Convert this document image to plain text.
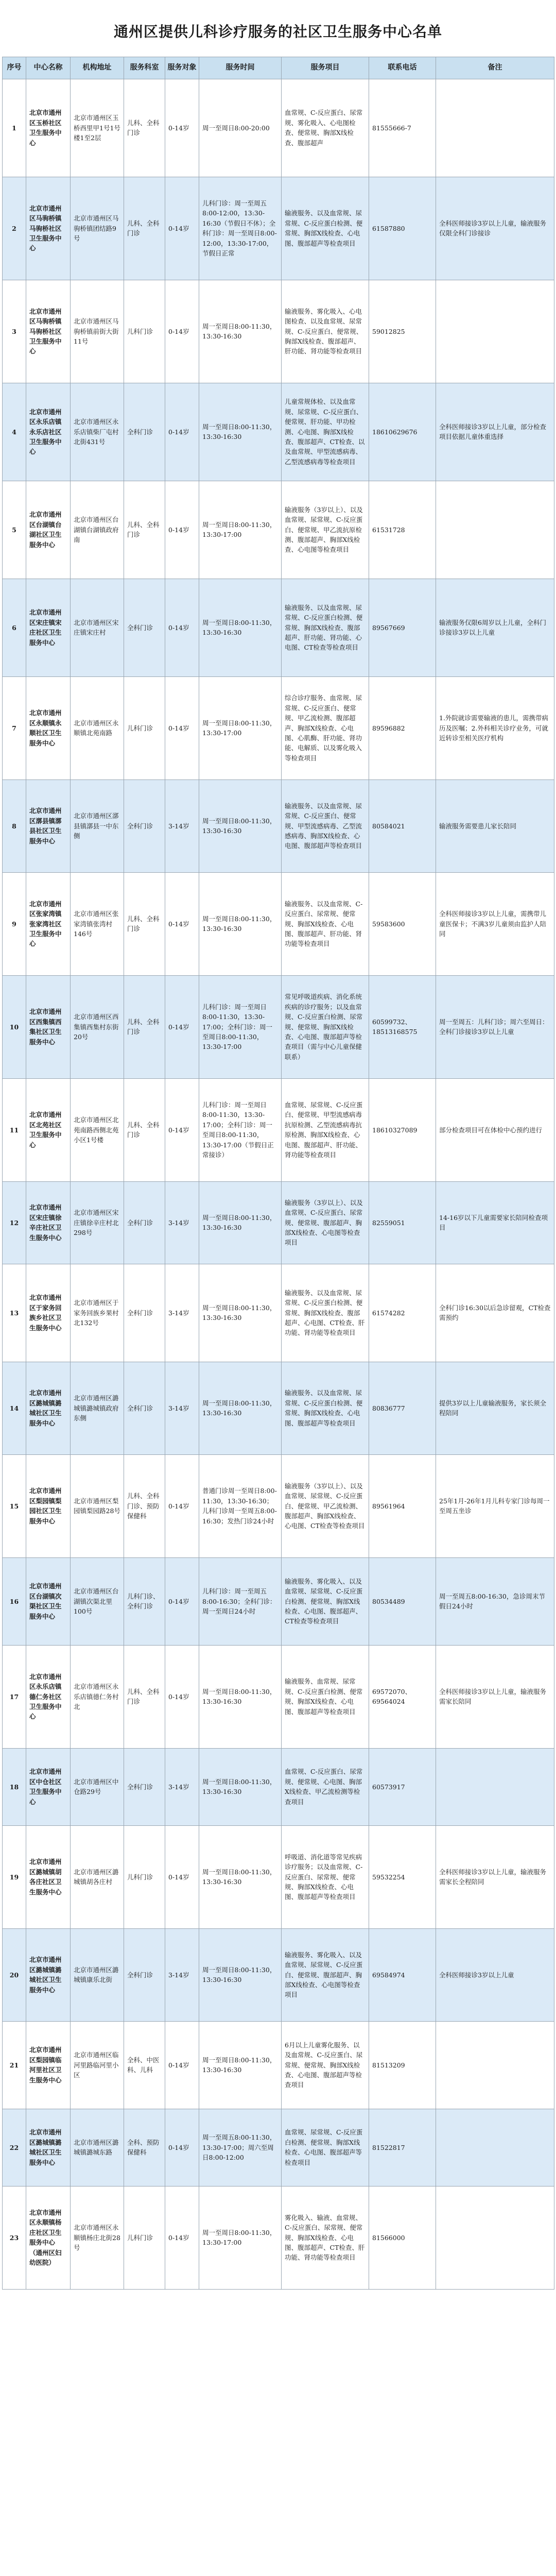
通州区提供儿科诊疗服务的社区卫生服务中心名单
序号	中心名称	机构地址	服务科室	服务对象	服务时间	服务项目	联系电话	备注
1	北京市通州区玉桥社区卫生服务中心	北京市通州区玉桥西里甲1号1号楼1至2层	儿科、全科门诊	0-14岁	周一至周日8:00-20:00	血常规、C-反应蛋白、尿常规、雾化吸入、心电图检查、便常规、胸部X线检查、腹部超声	81555666-7	
2	北京市通州区马驹桥镇马驹桥社区卫生服务中心	北京市通州区马驹桥镇团结路9号	儿科、全科门诊	0-14岁	儿科门诊：周一至周五8:00-12:00，13:30-16:30（节假日不休）；全科门诊：周一至周日8:00-12:00，13:30-17:00，节假日正常	输液服务、以及血常规、尿常规、C-反应蛋白检测、便常规、胸部X线检查、心电图、腹部超声等检查项目	61587880	全科医师接诊3岁以上儿童，输液服务仅限全科门诊接诊
3	北京市通州区马驹桥镇马驹桥社区卫生服务中心	北京市通州区马驹桥镇前街大街11号	儿科门诊	0-14岁	周一至周日8:00-11:30，13:30-16:30	输液服务、雾化吸入、心电图检查、以及血常规、尿常规、C-反应蛋白、便常规、胸部X线检查、腹部超声、肝功能、肾功能等检查项目	59012825	
4	北京市通州区永乐店镇永乐店社区卫生服务中心	北京市通州区永乐店镇柴厂屯村北街431号	全科门诊	0-14岁	周一至周日8:00-11:30，13:30-16:30	儿童常规体检、以及血常规、尿常规、C-反应蛋白、便常规、肝功能、甲功检测、心电图、胸部X线检查、腹部超声、CT检查、以及血常规、甲型流感病毒、乙型流感病毒等检查项目	18610629676	全科医师接诊3岁以上儿童，部分检查项目依据儿童体重选择
5	北京市通州区台湖镇台湖社区卫生服务中心	北京市通州区台湖镇台湖镇政府南	儿科、全科门诊	0-14岁	周一至周日8:00-11:30，13:30-17:00	输液服务（3岁以上）、以及血常规、尿常规、C-反应蛋白、便常规、甲乙流抗原检测、腹部超声、胸部X线检查、心电图等检查项目	61531728	
6	北京市通州区宋庄镇宋庄社区卫生服务中心	北京市通州区宋庄镇宋庄村	全科门诊	0-14岁	周一至周日8:00-11:30，13:30-16:30	输液服务、以及血常规、尿常规、C-反应蛋白检测、便常规、胸部X线检查、腹部超声、肝功能、肾功能、心电图、CT检查等检查项目	89567669	输液服务仅限6周岁以上儿童，全科门诊接诊3岁以上儿童
7	北京市通州区永顺镇永顺社区卫生服务中心	北京市通州区永顺镇北苑南路	儿科门诊	0-14岁	周一至周日8:00-11:30，13:30-17:00	综合诊疗服务、血常规、尿常规、C-反应蛋白、便常规、甲乙流检测、腹部超声、胸部X线检查、心电图、心肌酶、肝功能、肾功能、电解质、以及雾化吸入等检查项目	89596882	1.外院就诊需要输液的患儿，需携带病历及医嘱；2.外科相关诊疗业务，可就近转诊至相关医疗机构
8	北京市通州区漷县镇漷县社区卫生服务中心	北京市通州区漷县镇漷县一中东侧	全科门诊	3-14岁	周一至周日8:00-11:30，13:30-16:30	输液服务、以及血常规、尿常规、C-反应蛋白、便常规、甲型流感病毒、乙型流感病毒、胸部X线检查、心电图、腹部超声等检查项目	80584021	输液服务需要患儿家长陪同
9	北京市通州区张家湾镇张家湾社区卫生服务中心	北京市通州区张家湾镇张湾村146号	儿科、全科门诊	0-14岁	周一至周日8:00-11:30，13:30-16:30	输液服务、以及血常规、C-反应蛋白、尿常规、便常规、胸部X线检查、心电图、腹部超声、肝功能、肾功能等检查项目	59583600	全科医师接诊3岁以上儿童，需携带儿童医保卡；不满3岁儿童须由监护人陪同
10	北京市通州区西集镇西集社区卫生服务中心	北京市通州区西集镇西集村东街20号	儿科、全科门诊	0-14岁	儿科门诊：周一至周日8:00-11:30，13:30-17:00；全科门诊：周一至周日8:00-11:30，13:30-17:00	常见呼吸道疾病、消化系统疾病的诊疗服务；以及血常规、C-反应蛋白检测、尿常规、便常规、胸部X线检查、心电图、腹部超声等检查项目（需与中心儿童保健联系）	60599732、18513168575	周一至周五：儿科门诊；周六至周日：全科门诊接诊3岁以上儿童
11	北京市通州区北苑社区卫生服务中心	北京市通州区北苑南路西侧北苑小区1号楼	儿科、全科门诊	0-14岁	儿科门诊：周一至周日8:00-11:30，13:30-17:00；全科门诊：周一至周日8:00-11:30，13:30-17:00（节假日正常接诊）	血常规、尿常规、C-反应蛋白、便常规、甲型流感病毒抗原检测、乙型流感病毒抗原检测、胸部X线检查、心电图、腹部超声、肝功能、肾功能等检查项目	18610327089	部分检查项目可在体检中心预约进行
12	北京市通州区宋庄镇徐辛庄社区卫生服务中心	北京市通州区宋庄镇徐辛庄村北298号	全科门诊	3-14岁	周一至周日8:00-11:30，13:30-16:30	输液服务（3岁以上）、以及血常规、C-反应蛋白、尿常规、便常规、腹部超声、胸部X线检查、心电图等检查项目	82559051	14-16岁以下儿童需要家长陪同检查项目
13	北京市通州区于家务回族乡社区卫生服务中心	北京市通州区于家务回族乡果村北132号	全科门诊	3-14岁	周一至周日8:00-11:30，13:30-16:30	输液服务、以及血常规、尿常规、C-反应蛋白检测、便常规、胸部X线检查、腹部超声、心电图、CT检查、肝功能、肾功能等检查项目	61574282	全科门诊16:30以后急诊留观，CT检查需预约
14	北京市通州区潞城镇潞城社区卫生服务中心	北京市通州区潞城镇潞城镇政府东侧	全科门诊	3-14岁	周一至周日8:00-11:30，13:30-16:30	输液服务、以及血常规、尿常规、C-反应蛋白检测、便常规、胸部X线检查、心电图、腹部超声等检查项目	80836777	提供3岁以上儿童输液服务，家长须全程陪同
15	北京市通州区梨园镇梨园社区卫生服务中心	北京市通州区梨园镇梨园路28号	儿科、全科门诊、预防保健科	0-14岁	普通门诊周一至周日8:00-11:30，13:30-16:30；儿科门诊周一至周五8:00-16:30；发热门诊24小时	输液服务（3岁以上）、以及血常规、尿常规、C-反应蛋白、便常规、甲乙流检测、腹部超声、胸部X线检查、心电图、CT检查等检查项目	89561964	25年1月-26年1月儿科专家门诊每周一至周五坐诊
16	北京市通州区台湖镇次渠社区卫生服务中心	北京市通州区台湖镇次渠北里100号	儿科门诊、全科门诊	0-14岁	儿科门诊：周一至周五8:00-16:30；全科门诊：周一至周日24小时	输液服务、雾化吸入、以及血常规、尿常规、C-反应蛋白检测、便常规、胸部X线检查、心电图、腹部超声、CT检查等检查项目	80534489	周一至周五8:00-16:30，急诊周末节假日24小时
17	北京市通州区永乐店镇德仁务社区卫生服务中心	北京市通州区永乐店镇德仁务村北	儿科、全科门诊	0-14岁	周一至周日8:00-11:30，13:30-16:30	输液服务、血常规、尿常规、C-反应蛋白检测、便常规、胸部X线检查、心电图、腹部超声等检查项目	69572070、69564024	全科医师接诊3岁以上儿童，输液服务需家长陪同
18	北京市通州区中仓社区卫生服务中心	北京市通州区中仓路29号	全科门诊	3-14岁	周一至周日8:00-11:30，13:30-16:30	血常规、C-反应蛋白、尿常规、便常规、心电图、胸部X线检查、甲乙流检测等检查项目	60573917	
19	北京市通州区潞城镇胡各庄社区卫生服务中心	北京市通州区潞城镇胡各庄村	儿科门诊	0-14岁	周一至周日8:00-11:30，13:30-16:30	呼吸道、消化道等常见疾病诊疗服务；以及血常规、C-反应蛋白、尿常规、便常规、胸部X线检查、心电图、腹部超声等检查项目	59532254	全科医师接诊3岁以上儿童，输液服务需家长全程陪同
20	北京市通州区潞城镇潞城社区卫生服务中心	北京市通州区潞城镇康乐北街	全科门诊	3-14岁	周一至周日8:00-11:30，13:30-16:30	输液服务、雾化吸入、以及血常规、尿常规、C-反应蛋白、便常规、腹部超声、胸部X线检查、心电图等检查项目	69584974	全科医师接诊3岁以上儿童
21	北京市通州区梨园镇临河里社区卫生服务中心	北京市通州区临河里路临河里小区	全科、中医科、儿科	0-14岁	周一至周日8:00-11:30，13:30-16:30	6月以上儿童雾化服务、以及血常规、C-反应蛋白、尿常规、便常规、胸部X线检查、心电图、腹部超声等检查项目	81513209	
22	北京市通州区潞城镇潞城社区卫生服务中心	北京市通州区潞城镇潞城东路	全科、预防保健科	0-14岁	周一至周五8:00-11:30，13:30-17:00；周六至周日8:00-12:00	血常规、尿常规、C-反应蛋白检测、便常规、胸部X线检查、心电图、腹部超声等检查项目	81522817	
23	北京市通州区永顺镇杨庄社区卫生服务中心（通州区妇幼医院）	北京市通州区永顺镇杨庄北街28号	儿科门诊	0-14岁	周一至周日8:00-11:30，13:30-17:00	雾化吸入、输液、血常规、C-反应蛋白、尿常规、便常规、胸部X线检查、心电图、腹部超声、CT检查、肝功能、肾功能等检查项目	81566000	
